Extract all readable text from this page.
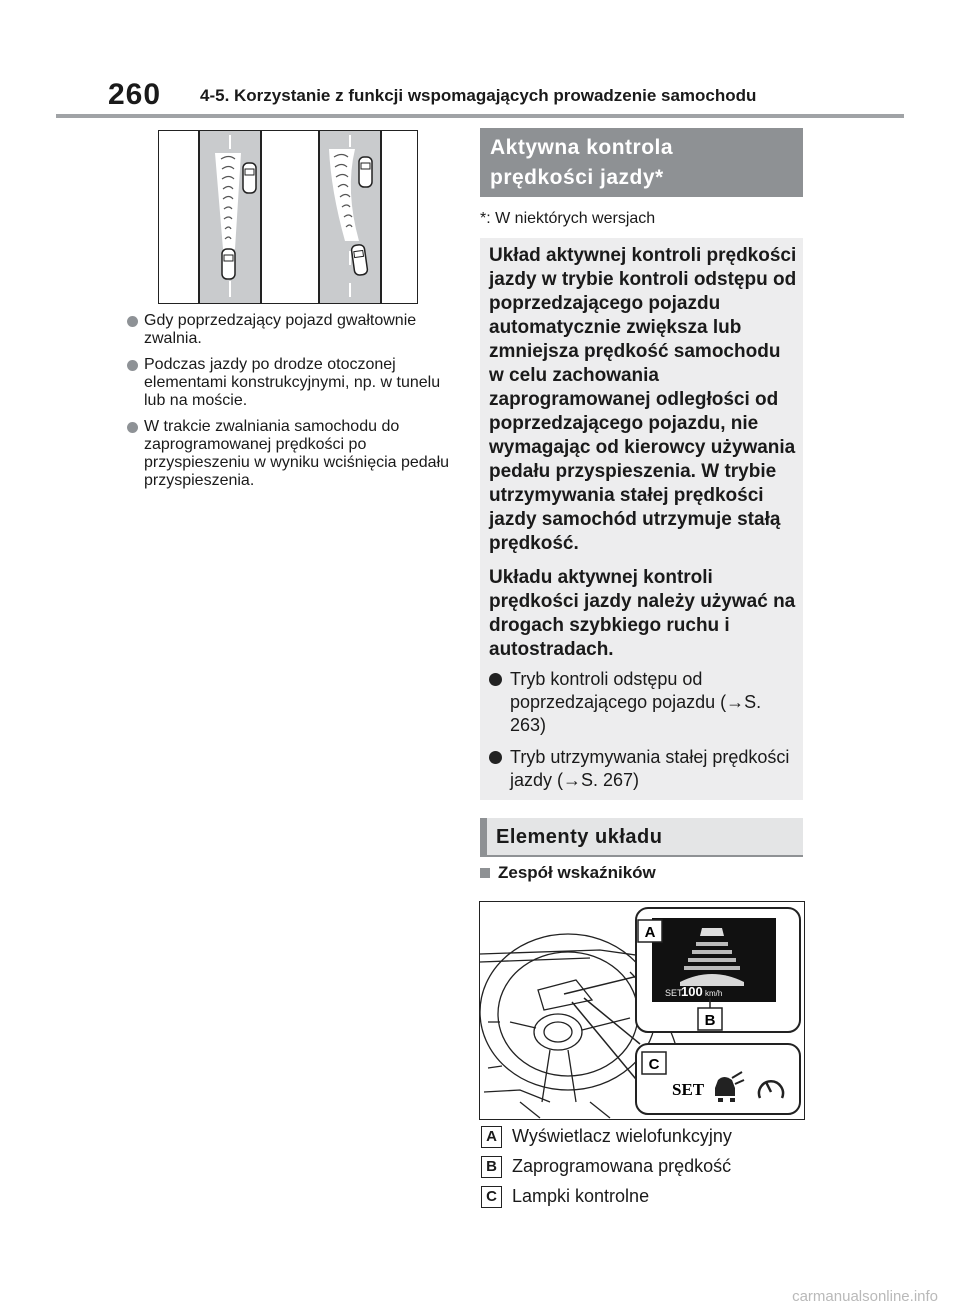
260 4-5. Korzystanie z funkcji wspomagających prowadzenie samochodu
Gdy poprzedzający pojazd gwałtownie zwalnia.
Podczas jazdy po drodze otoczonej elementami konstrukcyjnymi, np. w tunelu lub na moście.
W trakcie zwalniania samochodu do zaprogramowanej prędkości po przyspieszeniu w wyniku wciśnięcia pedału przyspieszenia.
Aktywna kontrola
prędkości jazdy*
*: W niektórych wersjach

Układ aktywnej kontroli prędkości jazdy w trybie kontroli odstępu od poprzedzającego pojazdu automatycznie zwiększa lub zmniejsza prędkość samochodu w celu zachowania zaprogramowanej odległości od poprzedzającego pojazdu, nie wymagając od kierowcy używania pedału przyspieszenia. W trybie utrzymywania stałej prędkości jazdy samochód utrzymuje stałą prędkość.

Układu aktywnej kontroli prędkości jazdy należy używać na drogach szybkiego ruchu i autostradach.

Tryb kontroli odstępu od poprzedzającego pojazdu (→S. 263)
Tryb utrzymywania stałej prędkości jazdy (→S. 267)
Elementy układu
Zespół wskaźników
SET
100 km/h
A
B
C
SET
A Wyświetlacz wielofunkcyjny
B Zaprogramowana prędkość
C Lampki kontrolne
carmanualsonline.info
